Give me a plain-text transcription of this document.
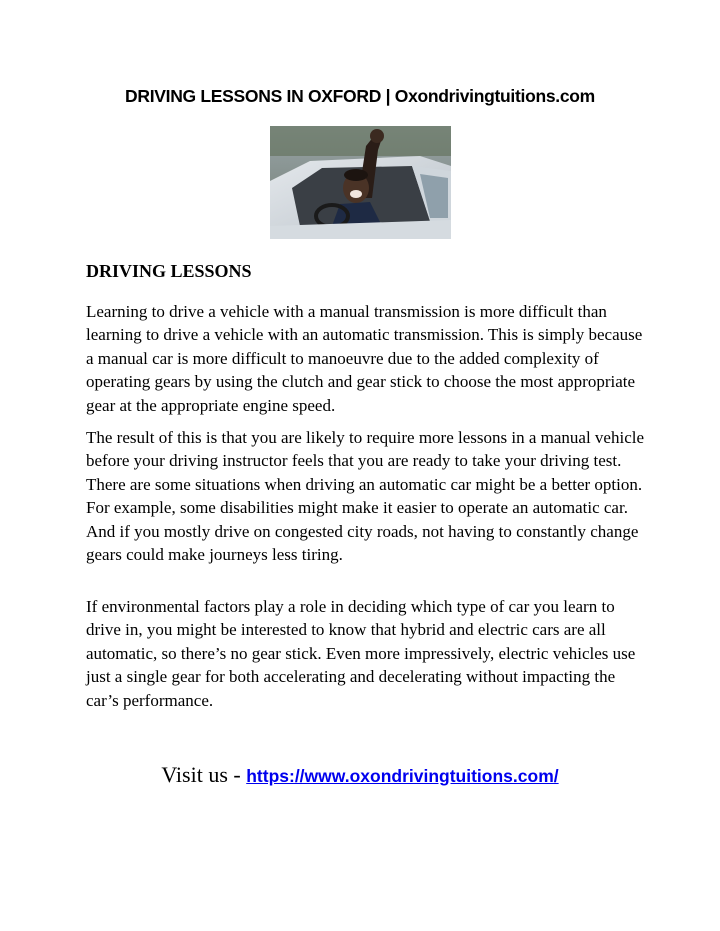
DRIVING LESSONS IN OXFORD | Oxondrivingtuitions.com
DRIVING LESSONS

Learning to drive a vehicle with a manual transmission is more difficult than learning to drive a vehicle with an automatic transmission. This is simply because a manual car is more difficult to manoeuvre due to the added complexity of operating gears by using the clutch and gear stick to choose the most appropriate gear at the appropriate engine speed.

The result of this is that you are likely to require more lessons in a manual vehicle before your driving instructor feels that you are ready to take your driving test. There are some situations when driving an automatic car might be a better option. For example, some disabilities might make it easier to operate an automatic car. And if you mostly drive on congested city roads, not having to constantly change gears could make journeys less tiring.

If environmental factors play a role in deciding which type of car you learn to drive in, you might be interested to know that hybrid and electric cars are all automatic, so there’s no gear stick. Even more impressively, electric vehicles use just a single gear for both accelerating and decelerating without impacting the car’s performance.

Visit us - https://www.oxondrivingtuitions.com/
